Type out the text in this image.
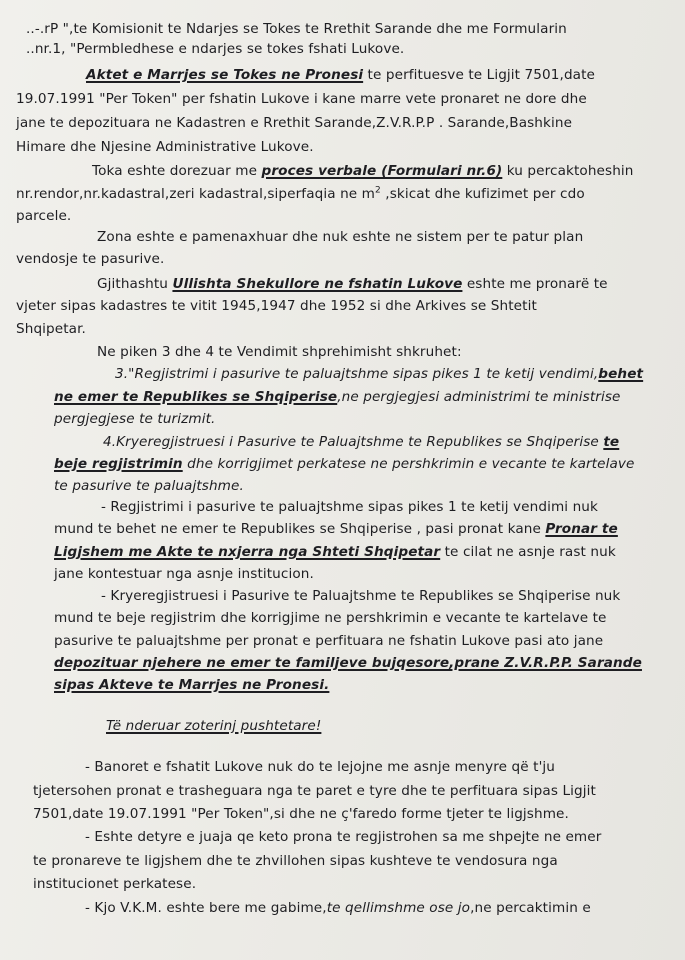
..-.rP ",te Komisionit te Ndarjes se Tokes te Rrethit Sarande dhe me Formularin
..nr.1, "Permbledhese e ndarjes se tokes fshati Lukove.
Aktet e Marrjes se Tokes ne Pronesi te perfituesve te Ligjit 7501,date
19.07.1991 "Per Token" per fshatin Lukove i kane marre vete pronaret ne dore dhe
jane te depozituara ne Kadastren e Rrethit Sarande,Z.V.R.P.P . Sarande,Bashkine
Himare dhe Njesine Administrative Lukove.
Toka eshte dorezuar me proces verbale (Formulari nr.6) ku percaktoheshin
nr.rendor,nr.kadastral,zeri kadastral,siperfaqia ne $m^2$ ,skicat dhe kufizimet per cdo
parcele.
Zona eshte e pamenaxhuar dhe nuk eshte ne sistem per te patur plan
vendosje te pasurive.
Gjithashtu Ullishta Shekullore ne fshatin Lukove eshte me pronarë te
vjeter sipas kadastres te vitit 1945,1947 dhe 1952 si dhe Arkives se Shtetit
Shqipetar.
Ne piken 3 dhe 4 te Vendimit shprehimisht shkruhet:
3."Regjistrimi i pasurive te paluajtshme sipas pikes 1 te ketij vendimi,behet
ne emer te Republikes se Shqiperise,ne pergjegjesi administrimi te ministrise
pergjegjese te turizmit.
4.Kryeregjistruesi i Pasurive te Paluajtshme te Republikes se Shqiperise te
beje regjistrimin dhe korrigjimet perkatese ne pershkrimin e vecante te kartelave
te pasurive te paluajtshme.
- Regjistrimi i pasurive te paluajtshme sipas pikes 1 te ketij vendimi nuk
mund te behet ne emer te Republikes se Shqiperise , pasi pronat kane Pronar te
Ligjshem me Akte te nxjerra nga Shteti Shqipetar te cilat ne asnje rast nuk
jane kontestuar nga asnje institucion.
- Kryeregjistruesi i Pasurive te Paluajtshme te Republikes se Shqiperise nuk
mund te beje regjistrim dhe korrigjime ne pershkrimin e vecante te kartelave te
pasurive te paluajtshme per pronat e perfituara ne fshatin Lukove pasi ato jane
depozituar njehere ne emer te familjeve bujqesore,prane Z.V.R.P.P. Sarande
sipas Akteve te Marrjes ne Pronesi.
Të nderuar zoterinj pushtetare!
- Banoret e fshatit Lukove nuk do te lejojne me asnje menyre që t'ju
tjetersohen pronat e trasheguara nga te paret e tyre dhe te perfituara sipas Ligjit
7501,date 19.07.1991 "Per Token",si dhe ne ç'faredo forme tjeter te ligjshme.
- Eshte detyre e juaja qe keto prona te regjistrohen sa me shpejte ne emer
te pronareve te ligjshem dhe te zhvillohen sipas kushteve te vendosura nga
institucionet perkatese.
- Kjo V.K.M. eshte bere me gabime,te qellimshme ose jo,ne percaktimin e
